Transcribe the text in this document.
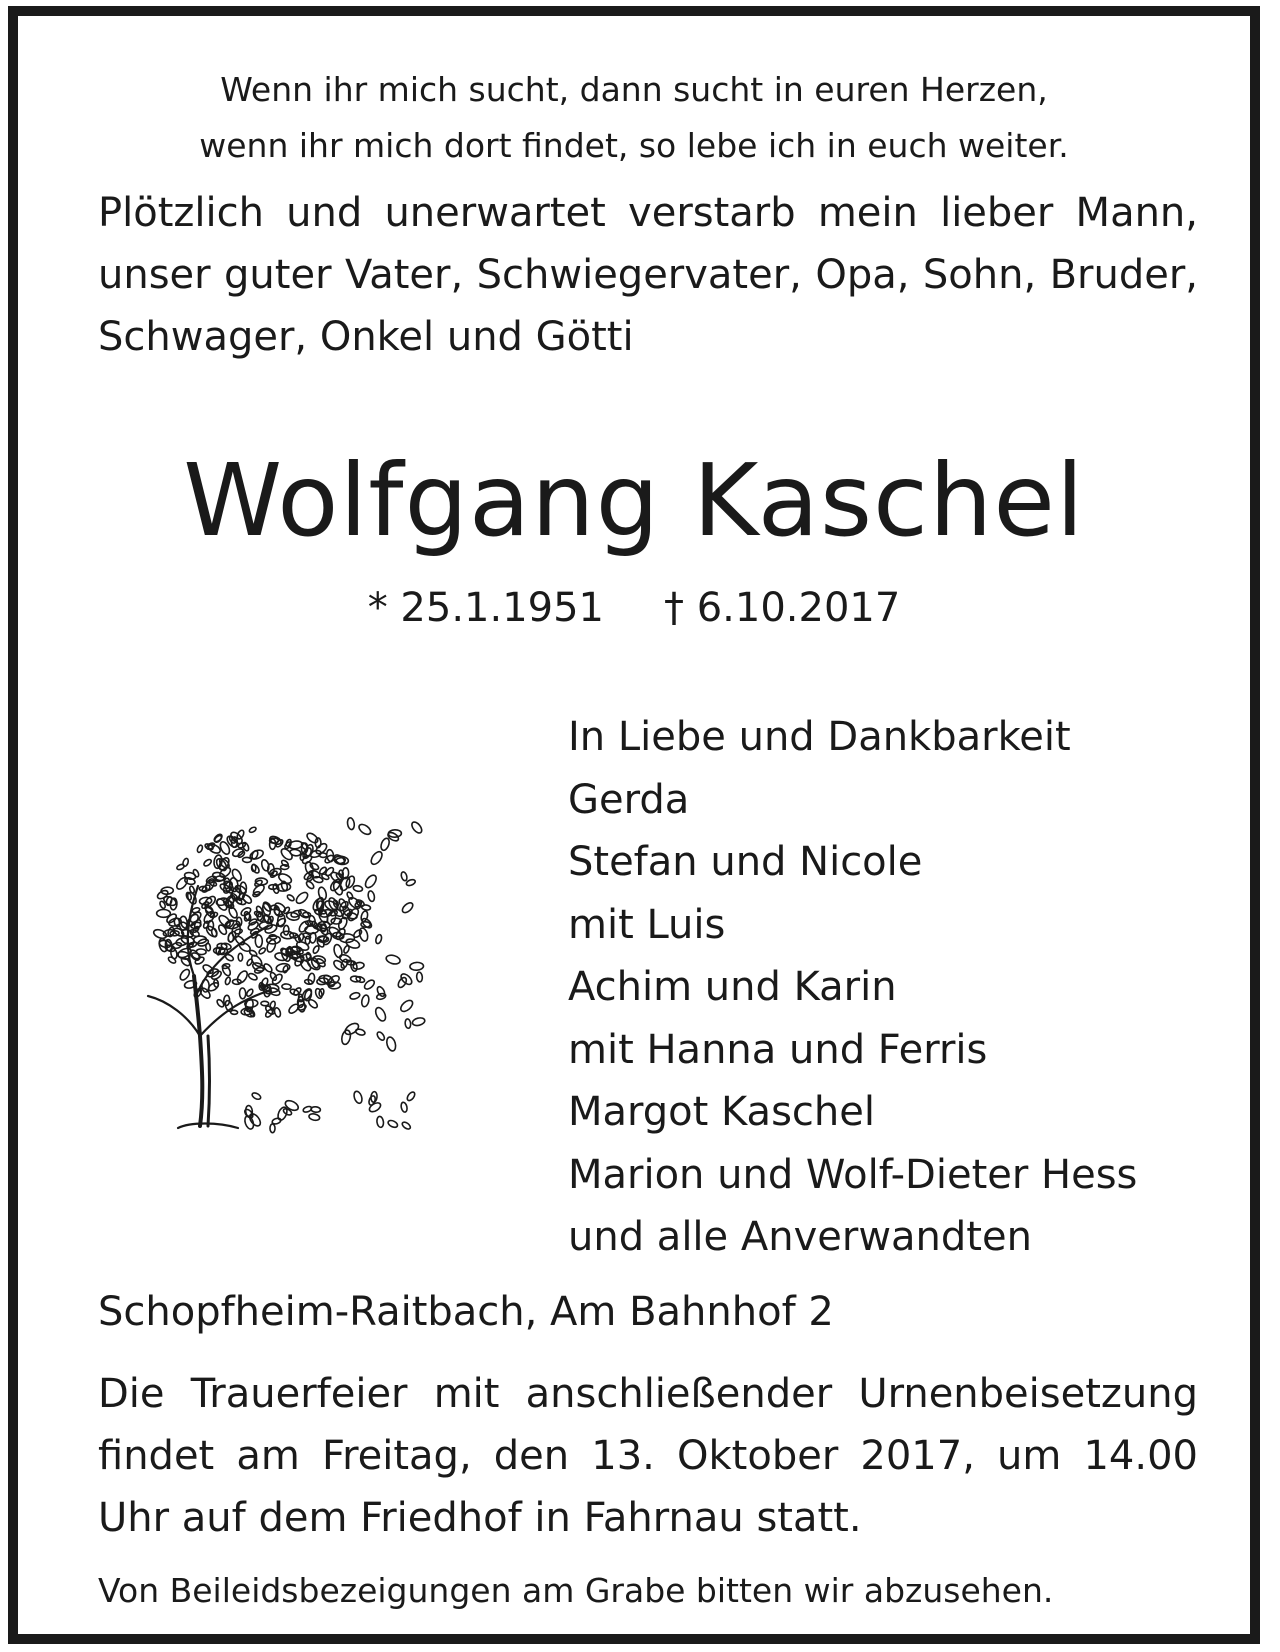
Wenn ihr mich sucht, dann sucht in euren Herzen,
wenn ihr mich dort findet, so lebe ich in euch weiter.
Plötzlich und unerwartet verstarb mein lieber Mann, unser guter Vater, Schwiegervater, Opa, Sohn, Bruder, Schwager, Onkel und Götti
Wolfgang Kaschel
* 25.1.1951 † 6.10.2017
In Liebe und Dankbarkeit
Gerda
Stefan und Nicole
mit Luis
Achim und Karin
mit Hanna und Ferris
Margot Kaschel
Marion und Wolf-Dieter Hess
und alle Anverwandten
Schopfheim-Raitbach, Am Bahnhof 2
Die Trauerfeier mit anschließender Urnenbeisetzung findet am Freitag, den 13. Oktober 2017, um 14.00 Uhr auf dem Friedhof in Fahrnau statt.
Von Beileidsbezeigungen am Grabe bitten wir abzusehen.
